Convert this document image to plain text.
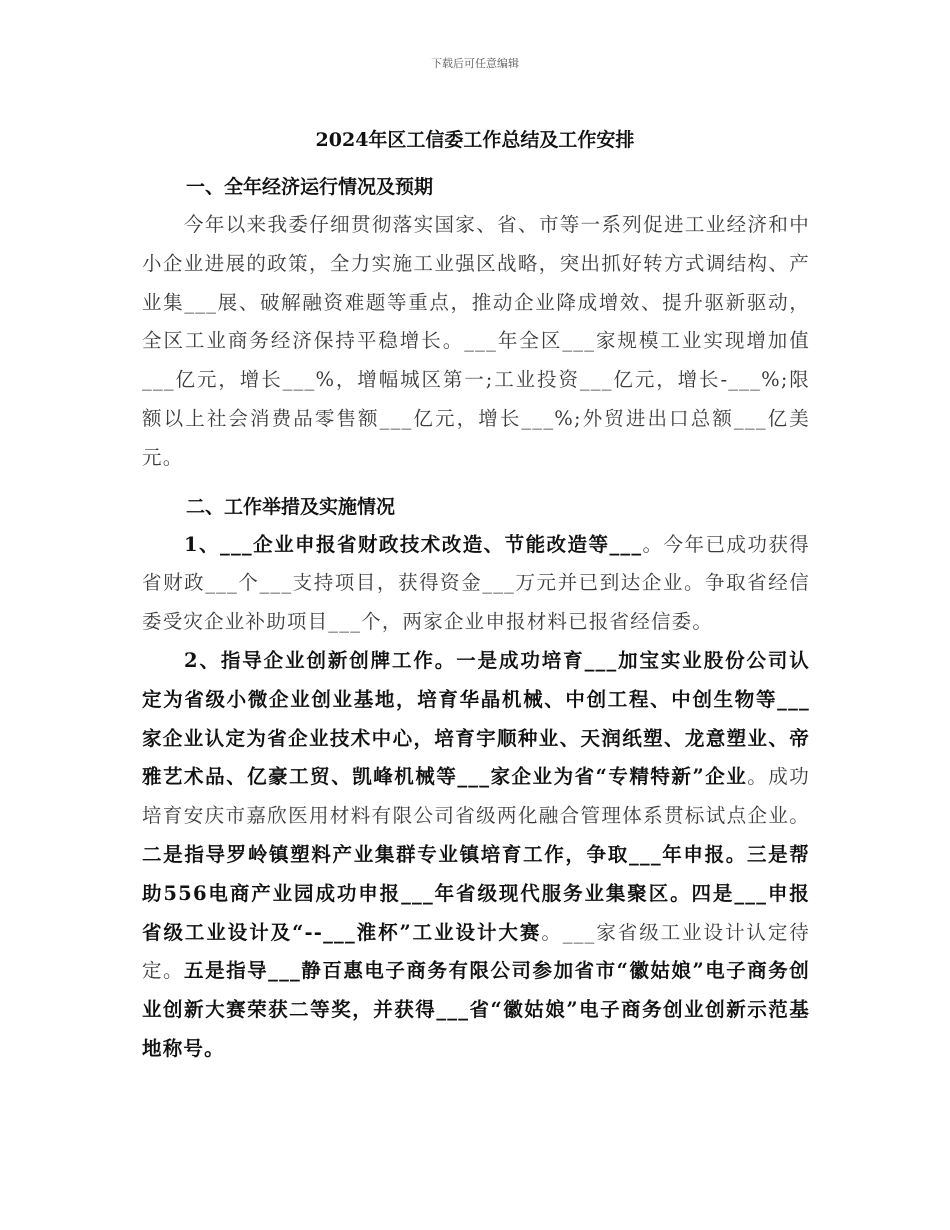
下载后可任意编辑
2024年区工信委工作总结及工作安排

一、全年经济运行情况及预期

今年以来我委仔细贯彻落实国家、省、市等一系列促进工业经济和中小企业进展的政策，全力实施工业强区战略，突出抓好转方式调结构、产业集___展、破解融资难题等重点，推动企业降成增效、提升驱新驱动，全区工业商务经济保持平稳增长。___年全区___家规模工业实现增加值___亿元，增长___%，增幅城区第一;工业投资___亿元，增长-___%;限额以上社会消费品零售额___亿元，增长___%;外贸进出口总额___亿美元。

二、工作举措及实施情况

1、___企业申报省财政技术改造、节能改造等___。今年已成功获得省财政___个___支持项目，获得资金___万元并已到达企业。争取省经信委受灾企业补助项目___个，两家企业申报材料已报省经信委。

2、指导企业创新创牌工作。一是成功培育___加宝实业股份公司认定为省级小微企业创业基地，培育华晶机械、中创工程、中创生物等___家企业认定为省企业技术中心，培育宇顺种业、天润纸塑、龙意塑业、帝雅艺术品、亿豪工贸、凯峰机械等___家企业为省“专精特新”企业。成功培育安庆市嘉欣医用材料有限公司省级两化融合管理体系贯标试点企业。二是指导罗岭镇塑料产业集群专业镇培育工作，争取___年申报。三是帮助556电商产业园成功申报___年省级现代服务业集聚区。四是___申报省级工业设计及“--___淮杯”工业设计大赛。___家省级工业设计认定待定。五是指导___静百惠电子商务有限公司参加省市“徽姑娘”电子商务创业创新大赛荣获二等奖，并获得___省“徽姑娘”电子商务创业创新示范基地称号。
